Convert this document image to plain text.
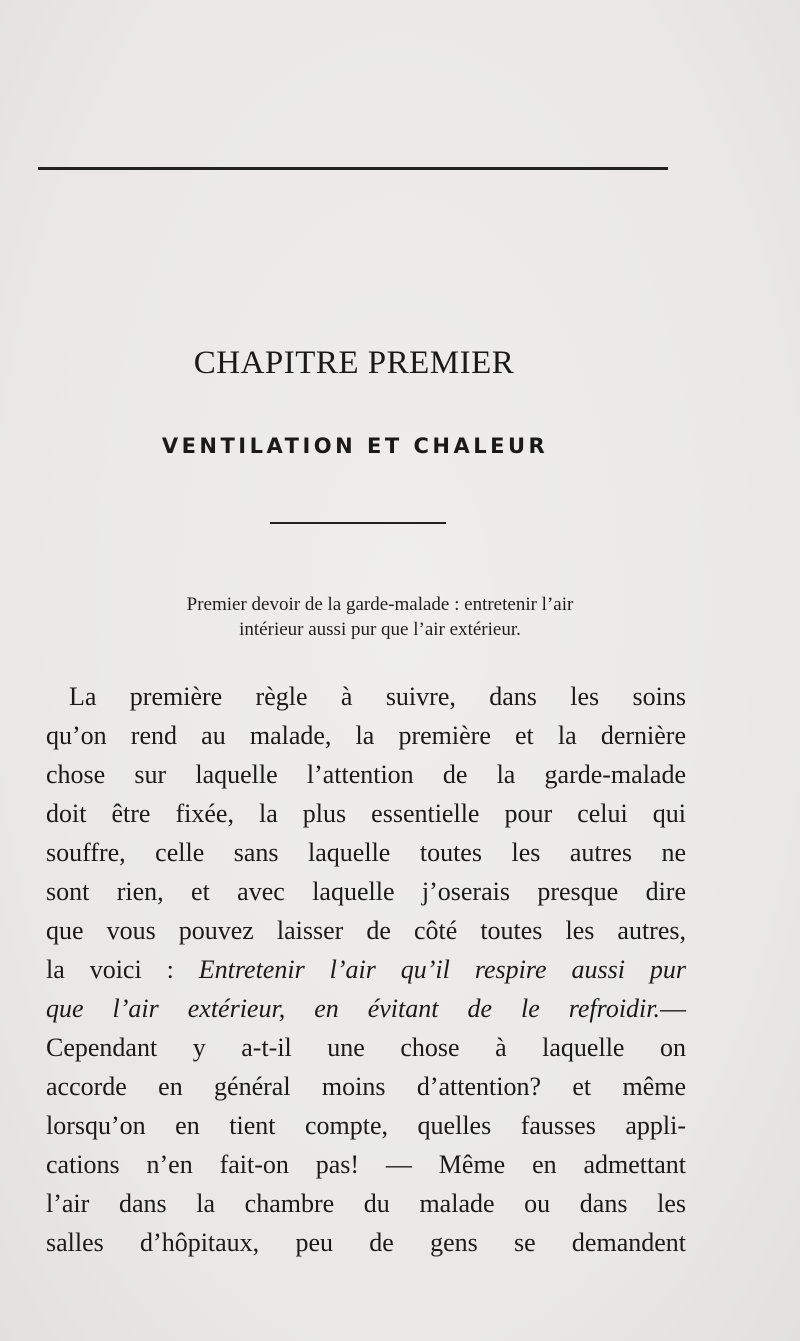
CHAPITRE PREMIER
VENTILATION ET CHALEUR

Premier devoir de la garde-malade : entretenir l’air
intérieur aussi pur que l’air extérieur.

La première règle à suivre, dans les soins
qu’on rend au malade, la première et la dernière
chose sur laquelle l’attention de la garde-malade
doit être fixée, la plus essentielle pour celui qui
souffre, celle sans laquelle toutes les autres ne
sont rien, et avec laquelle j’oserais presque dire
que vous pouvez laisser de côté toutes les autres,
la voici : Entretenir l’air qu’il respire aussi pur
que l’air extérieur, en évitant de le refroidir.—
Cependant y a-t-il une chose à laquelle on
accorde en général moins d’attention? et même
lorsqu’on en tient compte, quelles fausses appli-
cations n’en fait-on pas! — Même en admettant
l’air dans la chambre du malade ou dans les
salles d’hôpitaux, peu de gens se demandent
